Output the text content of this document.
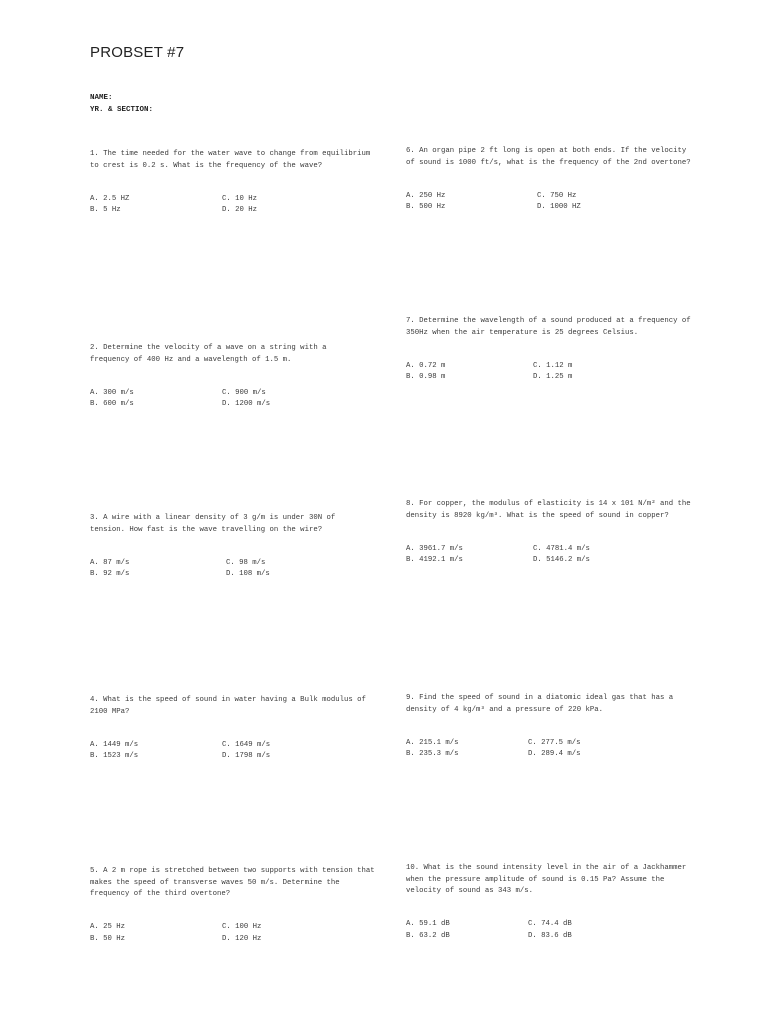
PROBSET #7
NAME:
YR. & SECTION:

1. The time needed for the water wave to change from equilibrium to crest is 0.2 s. What is the frequency of the wave?

A. 2.5 HZ	C. 10 Hz
B. 5 Hz	D. 20 Hz

2. Determine the velocity of a wave on a string with a frequency of 400 Hz and a wavelength of 1.5 m.

A. 300 m/s	C. 900 m/s
B. 600 m/s	D. 1200 m/s

3. A wire with a linear density of 3 g/m is under 30N of tension. How fast is the wave travelling on the wire?

A. 87 m/s	C. 98 m/s
B. 92 m/s	D. 108 m/s

4. What is the speed of sound in water having a Bulk modulus of 2100 MPa?

A. 1449 m/s	C. 1649 m/s
B. 1523 m/s	D. 1798 m/s

5. A 2 m rope is stretched between two supports with tension that makes the speed of transverse waves 50 m/s. Determine the frequency of the third overtone?

A. 25 Hz	C. 100 Hz
B. 50 Hz	D. 120 Hz

6. An organ pipe 2 ft long is open at both ends. If the velocity of sound is 1000 ft/s, what is the frequency of the 2nd overtone?

A. 250 Hz	C. 750 Hz
B. 500 Hz	D. 1000 HZ

7. Determine the wavelength of a sound produced at a frequency of 350Hz when the air temperature is 25 degrees Celsius.

A. 0.72 m	C. 1.12 m
B. 0.98 m	D. 1.25 m

8. For copper, the modulus of elasticity is 14 x 101 N/m² and the density is 8920 kg/m³. What is the speed of sound in copper?

A. 3961.7 m/s	C. 4781.4 m/s
B. 4192.1 m/s	D. 5146.2 m/s

9. Find the speed of sound in a diatomic ideal gas that has a density of 4 kg/m³ and a pressure of 220 kPa.

A. 215.1 m/s	C. 277.5 m/s
B. 235.3 m/s	D. 289.4 m/s

10. What is the sound intensity level in the air of a Jackhammer when the pressure amplitude of sound is 0.15 Pa? Assume the velocity of sound as 343 m/s.

A. 59.1 dB	C. 74.4 dB
B. 63.2 dB	D. 83.6 dB
